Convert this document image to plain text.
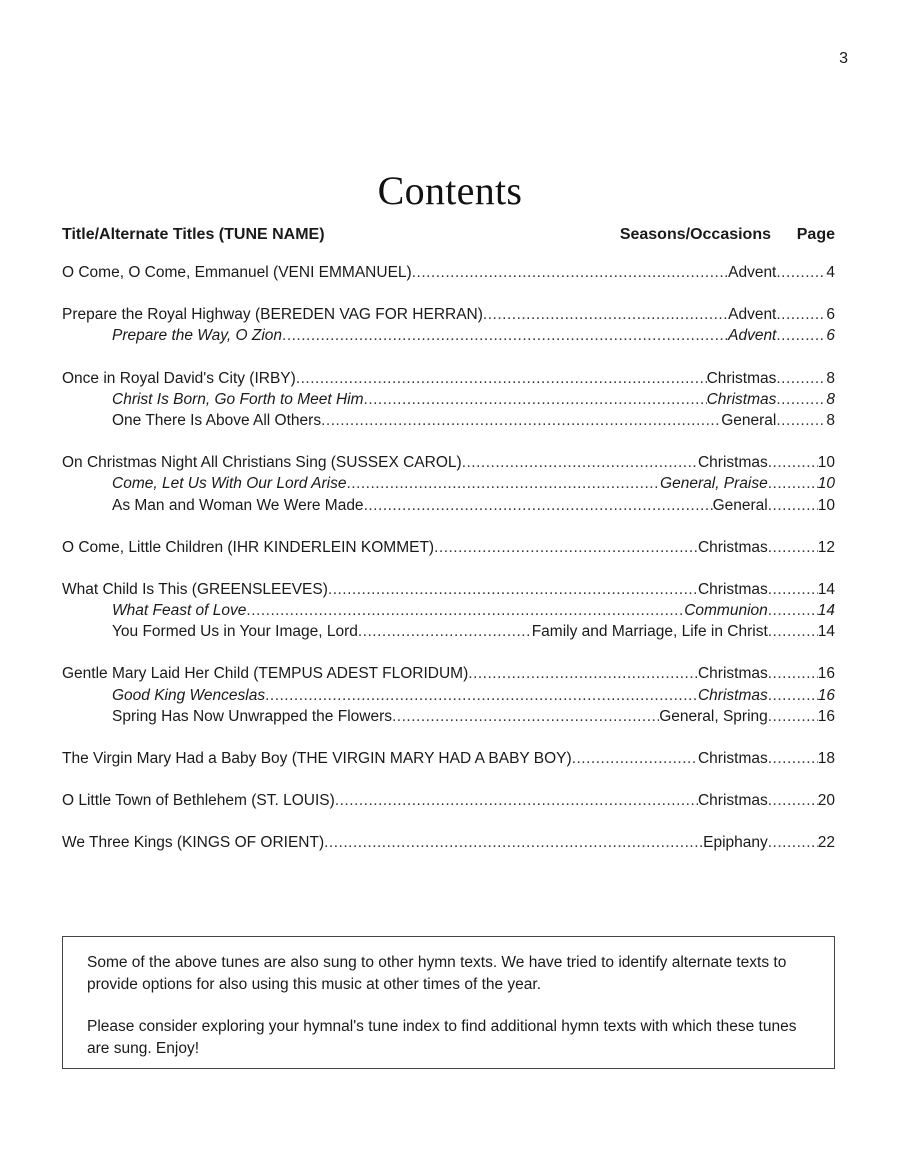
3
Contents
Title/Alternate Titles (TUNE NAME)	Seasons/Occasions Page
O Come, O Come, Emmanuel (VENI EMMANUEL) .....	Advent .....	4
Prepare the Royal Highway (BEREDEN VAG FOR HERRAN) .....	Advent .....	6
Prepare the Way, O Zion .....	Advent .....	6
Once in Royal David's City (IRBY) .....	Christmas .....	8
Christ Is Born, Go Forth to Meet Him .....	Christmas .....	8
One There Is Above All Others .....	General .....	8
On Christmas Night All Christians Sing (SUSSEX CAROL) .....	Christmas .....	10
Come, Let Us With Our Lord Arise .....	General, Praise .....	10
As Man and Woman We Were Made .....	General .....	10
O Come, Little Children (IHR KINDERLEIN KOMMET) .....	Christmas .....	12
What Child Is This (GREENSLEEVES) .....	Christmas .....	14
What Feast of Love .....	Communion .....	14
You Formed Us in Your Image, Lord .....	Family and Marriage, Life in Christ .....	14
Gentle Mary Laid Her Child (TEMPUS ADEST FLORIDUM) .....	Christmas .....	16
Good King Wenceslas .....	Christmas .....	16
Spring Has Now Unwrapped the Flowers .....	General, Spring .....	16
The Virgin Mary Had a Baby Boy (THE VIRGIN MARY HAD A BABY BOY) .....	Christmas .....	18
O Little Town of Bethlehem (ST. LOUIS) .....	Christmas .....	20
We Three Kings (KINGS OF ORIENT) .....	Epiphany .....	22

Some of the above tunes are also sung to other hymn texts. We have tried to identify alternate texts to provide options for also using this music at other times of the year.

Please consider exploring your hymnal's tune index to find additional hymn texts with which these tunes are sung. Enjoy!
